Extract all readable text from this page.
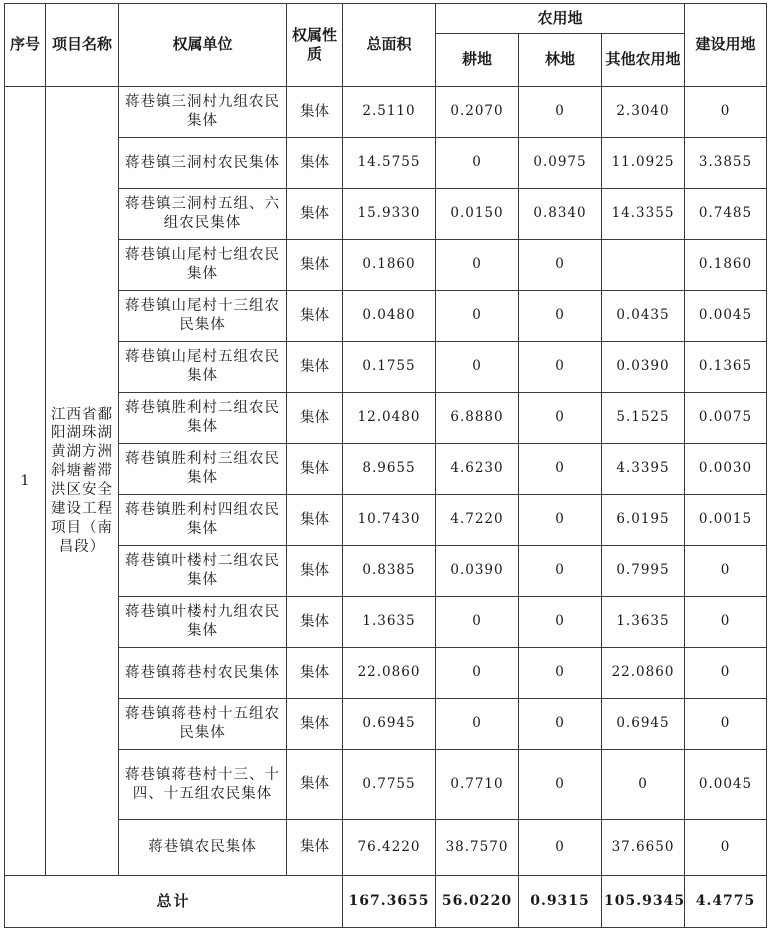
序号	项目名称	权属单位	权属性质	总面积	农用地			建设用地
					耕地	林地	其他农用地	
1	江西省鄱阳湖珠湖黄湖方洲斜塘蓄滞洪区安全建设工程项目（南昌段）	蒋巷镇三洞村九组农民集体	集体	2.5110	0.2070	0	2.3040	0
		蒋巷镇三洞村农民集体	集体	14.5755	0	0.0975	11.0925	3.3855
		蒋巷镇三洞村五组、六组农民集体	集体	15.9330	0.0150	0.8340	14.3355	0.7485
		蒋巷镇山尾村七组农民集体	集体	0.1860	0	0		0.1860
		蒋巷镇山尾村十三组农民集体	集体	0.0480	0	0	0.0435	0.0045
		蒋巷镇山尾村五组农民集体	集体	0.1755	0	0	0.0390	0.1365
		蒋巷镇胜利村二组农民集体	集体	12.0480	6.8880	0	5.1525	0.0075
		蒋巷镇胜利村三组农民集体	集体	8.9655	4.6230	0	4.3395	0.0030
		蒋巷镇胜利村四组农民集体	集体	10.7430	4.7220	0	6.0195	0.0015
		蒋巷镇叶楼村二组农民集体	集体	0.8385	0.0390	0	0.7995	0
		蒋巷镇叶楼村九组农民集体	集体	1.3635	0	0	1.3635	0
		蒋巷镇蒋巷村农民集体	集体	22.0860	0	0	22.0860	0
		蒋巷镇蒋巷村十五组农民集体	集体	0.6945	0	0	0.6945	0
		蒋巷镇蒋巷村十三、十四、十五组农民集体	集体	0.7755	0.7710	0	0	0.0045
		蒋巷镇农民集体	集体	76.4220	38.7570	0	37.6650	0
总计				167.3655	56.0220	0.9315	105.9345	4.4775
